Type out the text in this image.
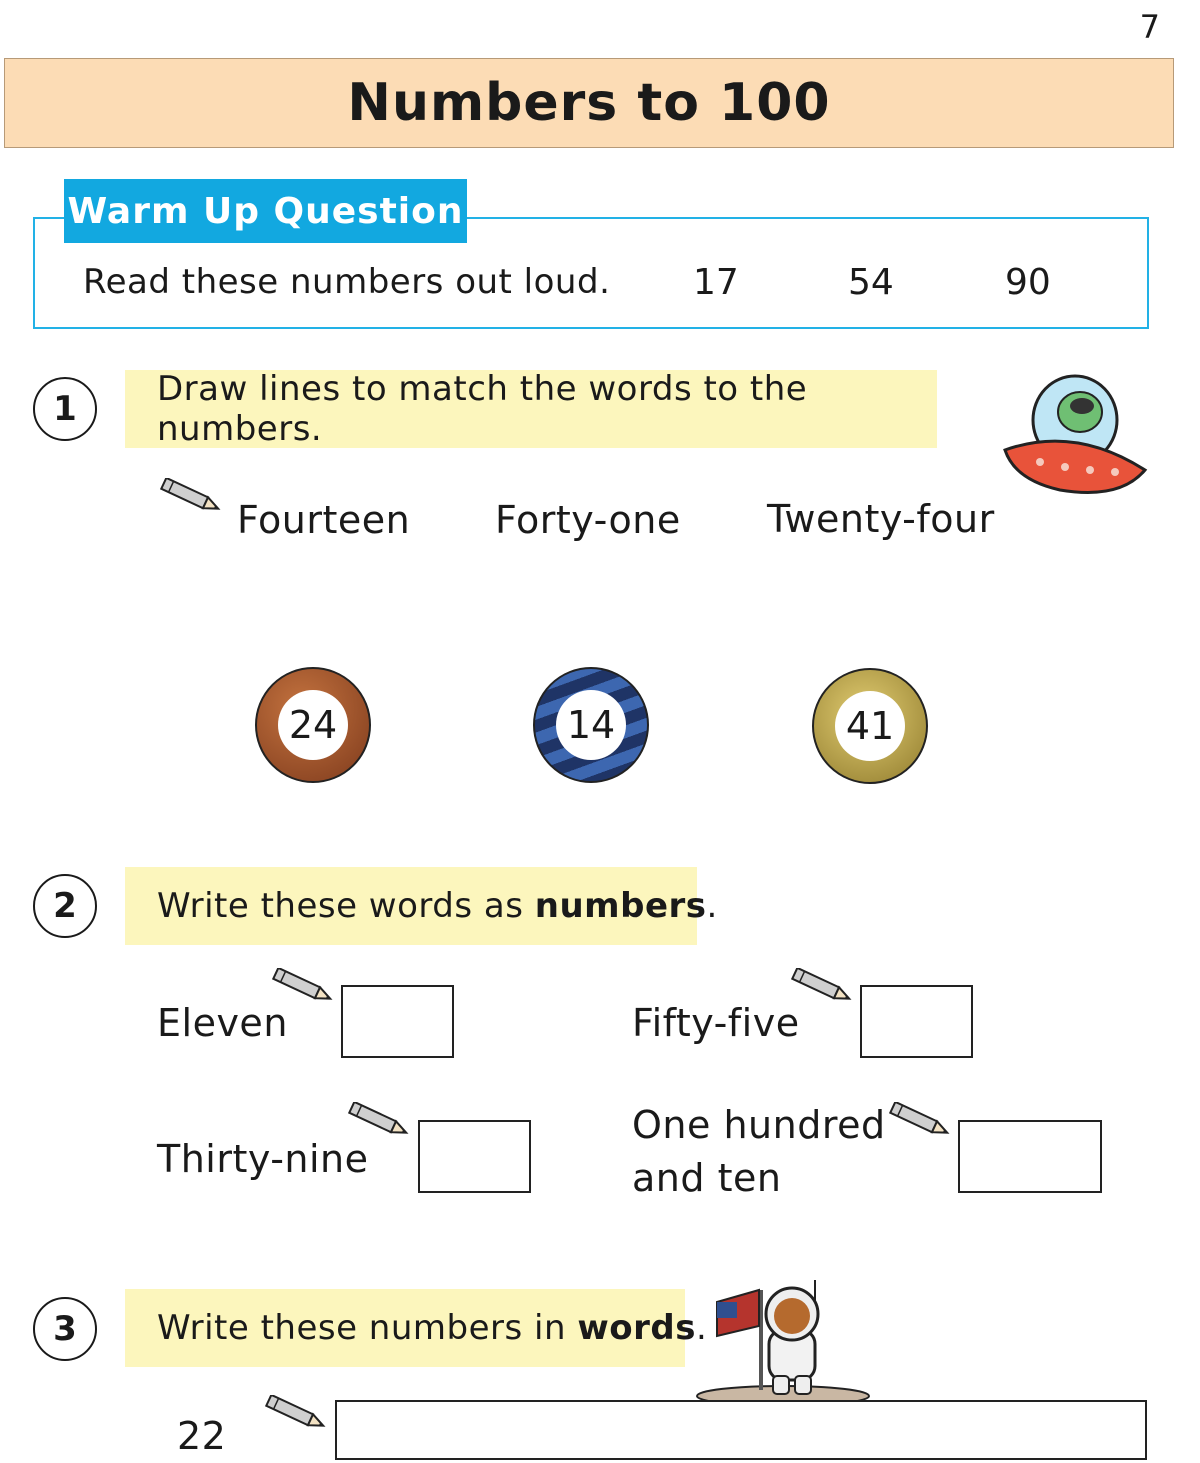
7
Numbers to 100
Warm Up Question
Read these numbers out loud. 17	54	90
1	Draw lines to match the words to the numbers.
Fourteen Forty-one Twenty-four
24	14	41
2	Write these words as numbers .
Eleven	Fifty-five
Thirty-nine
One hundred
and ten
3	Write these numbers in words .
22
